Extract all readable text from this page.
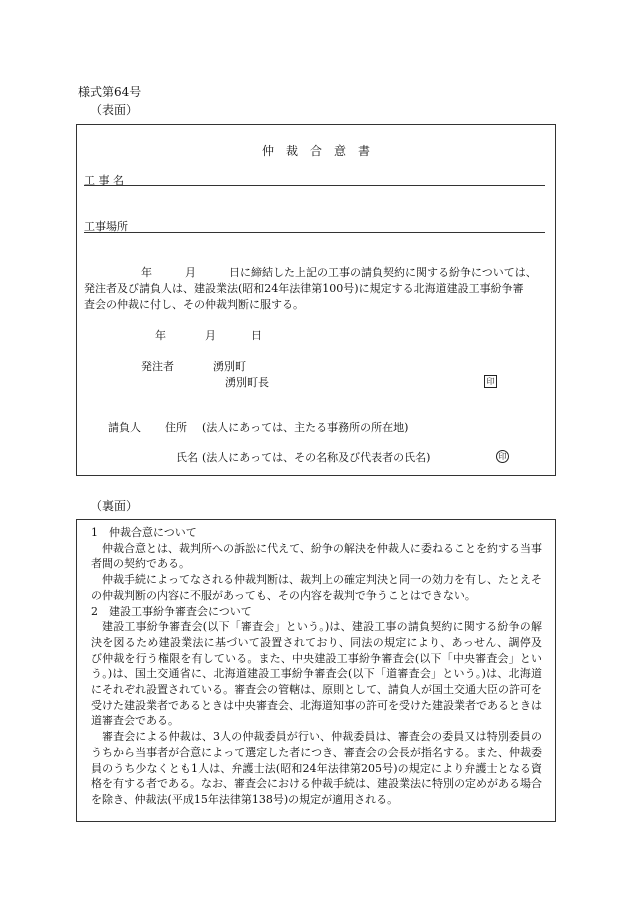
様式第64号
（表面）
仲　裁　合　意　書
工 事 名
工事場所
年　　　月　　　日に締結した上記の工事の請負契約に関する紛争については、
発注者及び請負人は、建設業法(昭和24年法律第100号)に規定する北海道建設工事紛争審
査会の仲裁に付し、その仲裁判断に服する。
年	月	日
発注者	湧別町
湧別町長	印
請負人 住所 (法人にあっては、主たる事務所の所在地)
氏名 (法人にあっては、その名称及び代表者の氏名)	印
（裏面）

1　仲裁合意について

仲裁合意とは、裁判所への訴訟に代えて、紛争の解決を仲裁人に委ねることを約する当事者間の契約である。

仲裁手続によってなされる仲裁判断は、裁判上の確定判決と同一の効力を有し、たとえその仲裁判断の内容に不服があっても、その内容を裁判で争うことはできない。

2　建設工事紛争審査会について

建設工事紛争審査会(以下「審査会」という。)は、建設工事の請負契約に関する紛争の解決を図るため建設業法に基づいて設置されており、同法の規定により、あっせん、調停及び仲裁を行う権限を有している。また、中央建設工事紛争審査会(以下「中央審査会」という。)は、国土交通省に、北海道建設工事紛争審査会(以下「道審査会」という。)は、北海道にそれぞれ設置されている。審査会の管轄は、原則として、請負人が国土交通大臣の許可を受けた建設業者であるときは中央審査会、北海道知事の許可を受けた建設業者であるときは道審査会である。

審査会による仲裁は、3人の仲裁委員が行い、仲裁委員は、審査会の委員又は特別委員のうちから当事者が合意によって選定した者につき、審査会の会長が指名する。また、仲裁委員のうち少なくとも1人は、弁護士法(昭和24年法律第205号)の規定により弁護士となる資格を有する者である。なお、審査会における仲裁手続は、建設業法に特別の定めがある場合を除き、仲裁法(平成15年法律第138号)の規定が適用される。
